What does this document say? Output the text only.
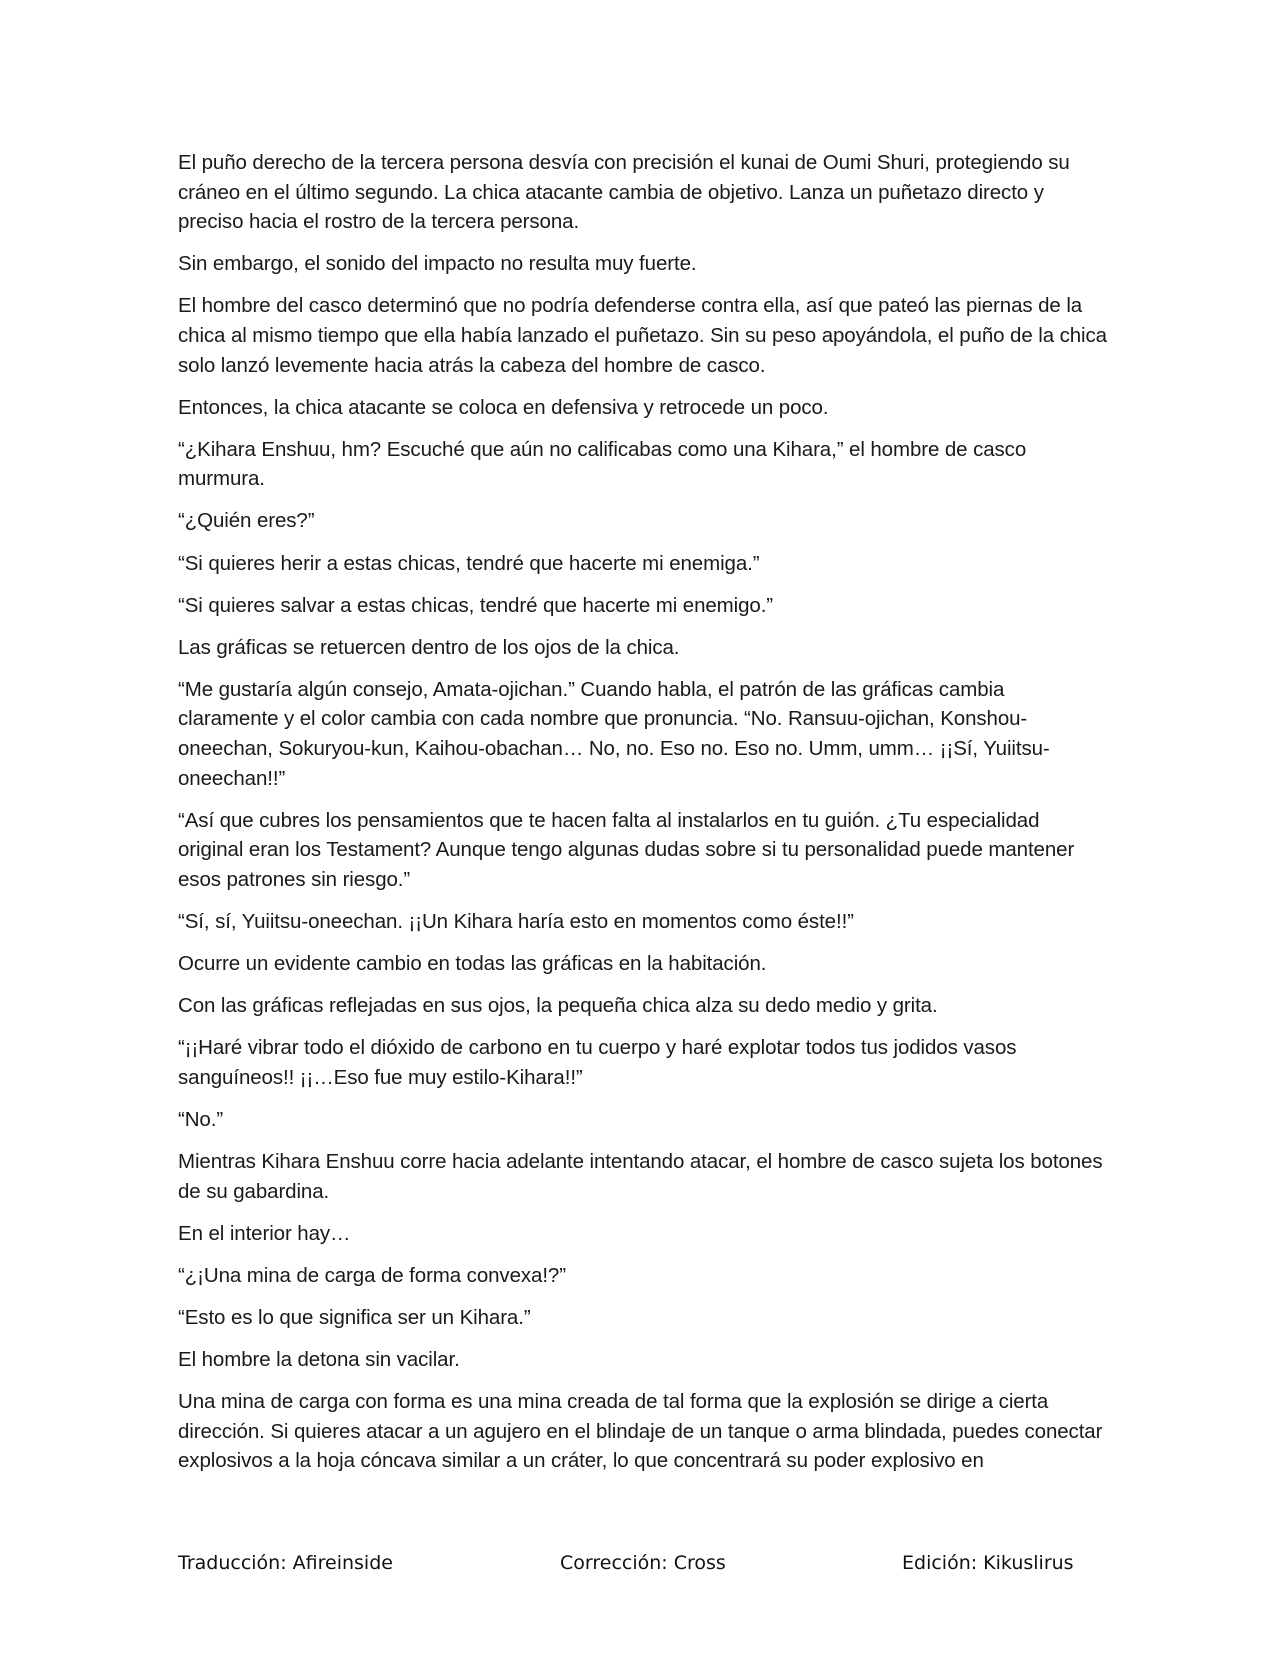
El puño derecho de la tercera persona desvía con precisión el kunai de Oumi Shuri, protegiendo su cráneo en el último segundo. La chica atacante cambia de objetivo. Lanza un puñetazo directo y preciso hacia el rostro de la tercera persona.

Sin embargo, el sonido del impacto no resulta muy fuerte.

El hombre del casco determinó que no podría defenderse contra ella, así que pateó las piernas de la chica al mismo tiempo que ella había lanzado el puñetazo. Sin su peso apoyándola, el puño de la chica solo lanzó levemente hacia atrás la cabeza del hombre de casco.

Entonces, la chica atacante se coloca en defensiva y retrocede un poco.

“¿Kihara Enshuu, hm? Escuché que aún no calificabas como una Kihara,” el hombre de casco murmura.

“¿Quién eres?”

“Si quieres herir a estas chicas, tendré que hacerte mi enemiga.”

“Si quieres salvar a estas chicas, tendré que hacerte mi enemigo.”

Las gráficas se retuercen dentro de los ojos de la chica.

“Me gustaría algún consejo, Amata-ojichan.” Cuando habla, el patrón de las gráficas cambia claramente y el color cambia con cada nombre que pronuncia. “No. Ransuu-ojichan, Konshou-oneechan, Sokuryou-kun, Kaihou-obachan… No, no. Eso no. Eso no. Umm, umm… ¡¡Sí, Yuiitsu-oneechan!!”

“Así que cubres los pensamientos que te hacen falta al instalarlos en tu guión. ¿Tu especialidad original eran los Testament? Aunque tengo algunas dudas sobre si tu personalidad puede mantener esos patrones sin riesgo.”

“Sí, sí, Yuiitsu-oneechan. ¡¡Un Kihara haría esto en momentos como éste!!”

Ocurre un evidente cambio en todas las gráficas en la habitación.

Con las gráficas reflejadas en sus ojos, la pequeña chica alza su dedo medio y grita.

“¡¡Haré vibrar todo el dióxido de carbono en tu cuerpo y haré explotar todos tus jodidos vasos sanguíneos!! ¡¡…Eso fue muy estilo-Kihara!!”

“No.”

Mientras Kihara Enshuu corre hacia adelante intentando atacar, el hombre de casco sujeta los botones de su gabardina.

En el interior hay…

“¿¡Una mina de carga de forma convexa!?”

“Esto es lo que significa ser un Kihara.”

El hombre la detona sin vacilar.

Una mina de carga con forma es una mina creada de tal forma que la explosión se dirige a cierta dirección. Si quieres atacar a un agujero en el blindaje de un tanque o arma blindada, puedes conectar explosivos a la hoja cóncava similar a un cráter, lo que concentrará su poder explosivo en

Traducción: Afireinside	Corrección: Cross	Edición: Kikuslirus
